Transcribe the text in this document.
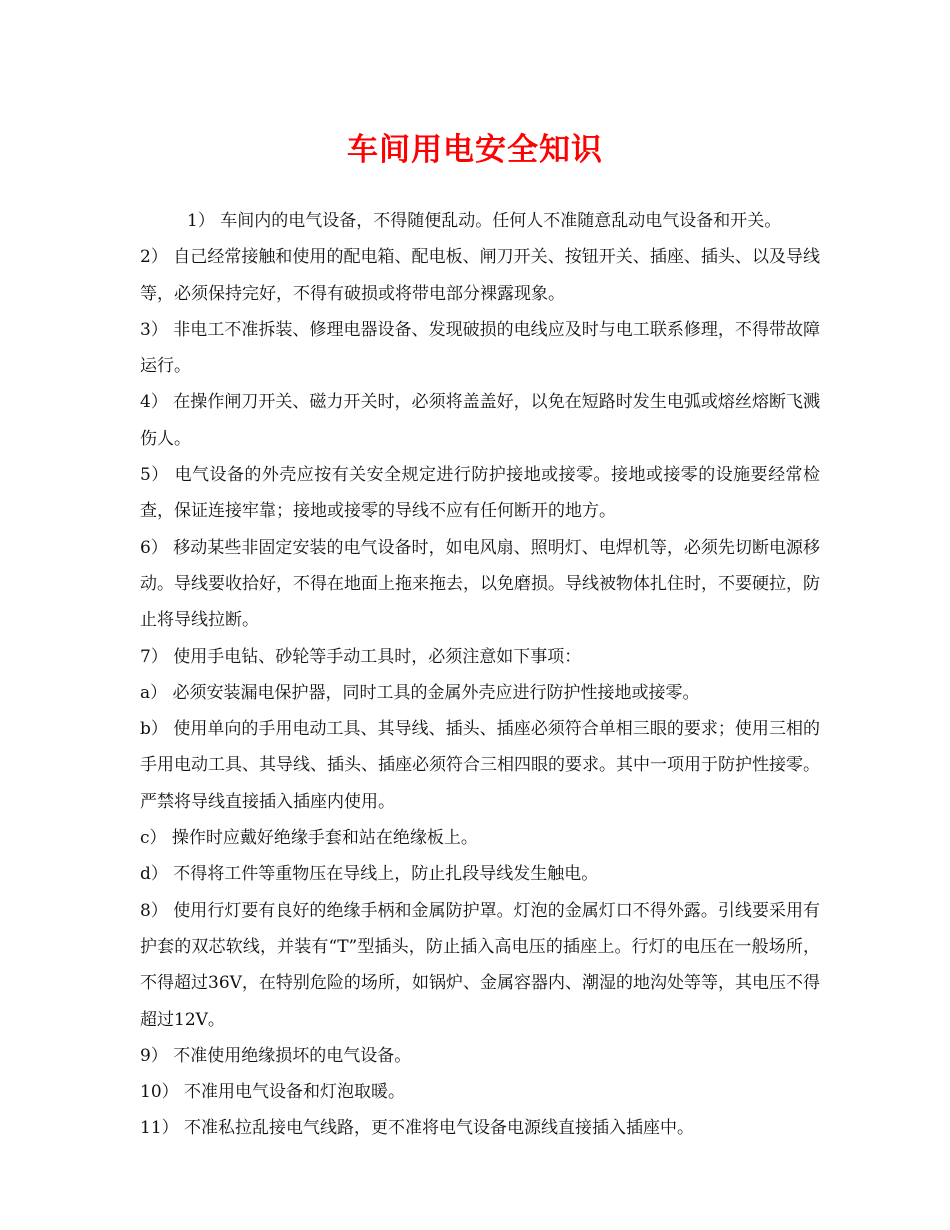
车间用电安全知识

1） 车间内的电气设备，不得随便乱动。任何人不准随意乱动电气设备和开关。

2） 自己经常接触和使用的配电箱、配电板、闸刀开关、按钮开关、插座、插头、以及导线等，必须保持完好，不得有破损或将带电部分裸露现象。

3） 非电工不准拆装、修理电器设备、发现破损的电线应及时与电工联系修理，不得带故障运行。

4） 在操作闸刀开关、磁力开关时，必须将盖盖好，以免在短路时发生电弧或熔丝熔断飞溅伤人。

5） 电气设备的外壳应按有关安全规定进行防护接地或接零。接地或接零的设施要经常检查，保证连接牢靠；接地或接零的导线不应有任何断开的地方。

6） 移动某些非固定安装的电气设备时，如电风扇、照明灯、电焊机等，必须先切断电源移动。导线要收拾好，不得在地面上拖来拖去，以免磨损。导线被物体扎住时，不要硬拉，防止将导线拉断。

7） 使用手电钻、砂轮等手动工具时，必须注意如下事项：

a） 必须安装漏电保护器，同时工具的金属外壳应进行防护性接地或接零。

b） 使用单向的手用电动工具、其导线、插头、插座必须符合单相三眼的要求；使用三相的手用电动工具、其导线、插头、插座必须符合三相四眼的要求。其中一项用于防护性接零。严禁将导线直接插入插座内使用。

c） 操作时应戴好绝缘手套和站在绝缘板上。

d） 不得将工件等重物压在导线上，防止扎段导线发生触电。

8） 使用行灯要有良好的绝缘手柄和金属防护罩。灯泡的金属灯口不得外露。引线要采用有护套的双芯软线，并装有“T”型插头，防止插入高电压的插座上。行灯的电压在一般场所，不得超过36V，在特别危险的场所，如锅炉、金属容器内、潮湿的地沟处等等，其电压不得超过12V。

9） 不准使用绝缘损坏的电气设备。

10） 不准用电气设备和灯泡取暖。

11） 不准私拉乱接电气线路，更不准将电气设备电源线直接插入插座中。
